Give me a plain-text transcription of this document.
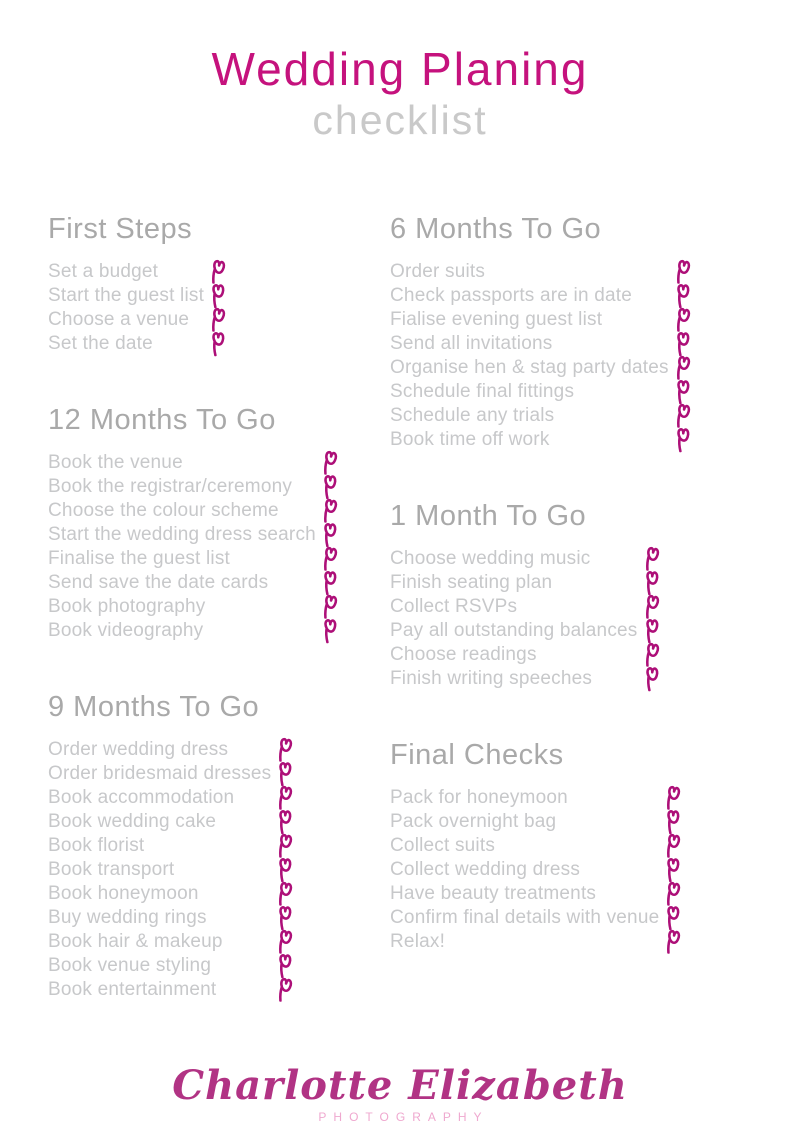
Wedding Planing
checklist
First Steps
Set a budget
Start the guest list
Choose a venue
Set the date
12 Months To Go
Book the venue
Book the registrar/ceremony
Choose the colour scheme
Start the wedding dress search
Finalise the guest list
Send save the date cards
Book photography
Book videography
9 Months To Go
Order wedding dress
Order bridesmaid dresses
Book accommodation
Book wedding cake
Book florist
Book transport
Book honeymoon
Buy wedding rings
Book hair & makeup
Book venue styling
Book entertainment
6 Months To Go
Order suits
Check passports are in date
Fialise evening guest list
Send all invitations
Organise hen & stag party dates
Schedule final fittings
Schedule any trials
Book time off work
1 Month To Go
Choose wedding music
Finish seating plan
Collect RSVPs
Pay all outstanding balances
Choose readings
Finish writing speeches
Final Checks
Pack for honeymoon
Pack overnight bag
Collect suits
Collect wedding dress
Have beauty treatments
Confirm final details with venue
Relax!
Charlotte Elizabeth
PHOTOGRAPHY
